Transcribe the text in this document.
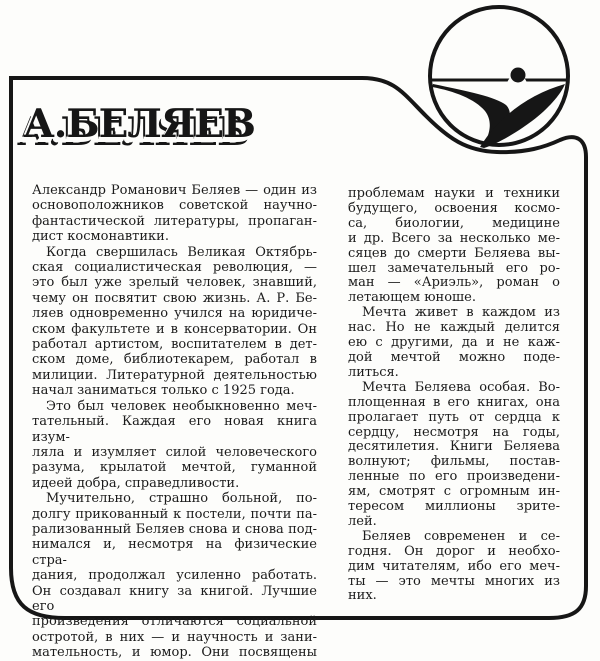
А.БЕЛЯЕВ
Александр Романович Беляев — один из
основоположников советской научно-
фантастической литературы, пропаган-
дист космонавтики.
Когда свершилась Великая Октябрь-
ская социалистическая революция, —
это был уже зрелый человек, знавший,
чему он посвятит свою жизнь. А. Р. Бе-
ляев одновременно учился на юридиче-
ском факультете и в консерватории. Он
работал артистом, воспитателем в дет-
ском доме, библиотекарем, работал в
милиции. Литературной деятельностью
начал заниматься только с 1925 года.
Это был человек необыкновенно меч-
тательный. Каждая его новая книга изум-
ляла и изумляет силой человеческого
разума, крылатой мечтой, гуманной
идеей добра, справедливости.
Мучительно, страшно больной, по-
долгу прикованный к постели, почти па-
рализованный Беляев снова и снова под-
нимался и, несмотря на физические стра-
дания, продолжал усиленно работать.
Он создавал книгу за книгой. Лучшие его
произведения отличаются социальной
остротой, в них — и научность и зани-
мательность, и юмор. Они посвящены
проблемам науки и техники
будущего, освоения космо-
са, биологии, медицине
и др. Всего за несколько ме-
сяцев до смерти Беляева вы-
шел замечательный его ро-
ман — «Ариэль», роман о
летающем юноше.
Мечта живет в каждом из
нас. Но не каждый делится
ею с другими, да и не каж-
дой мечтой можно поде-
литься.
Мечта Беляева особая. Во-
площенная в его книгах, она
пролагает путь от сердца к
сердцу, несмотря на годы,
десятилетия. Книги Беляева
волнуют; фильмы, постав-
ленные по его произведени-
ям, смотрят с огромным ин-
тересом миллионы зрите-
лей.
Беляев современен и се-
годня. Он дорог и необхо-
дим читателям, ибо его меч-
ты — это мечты многих из
них.
